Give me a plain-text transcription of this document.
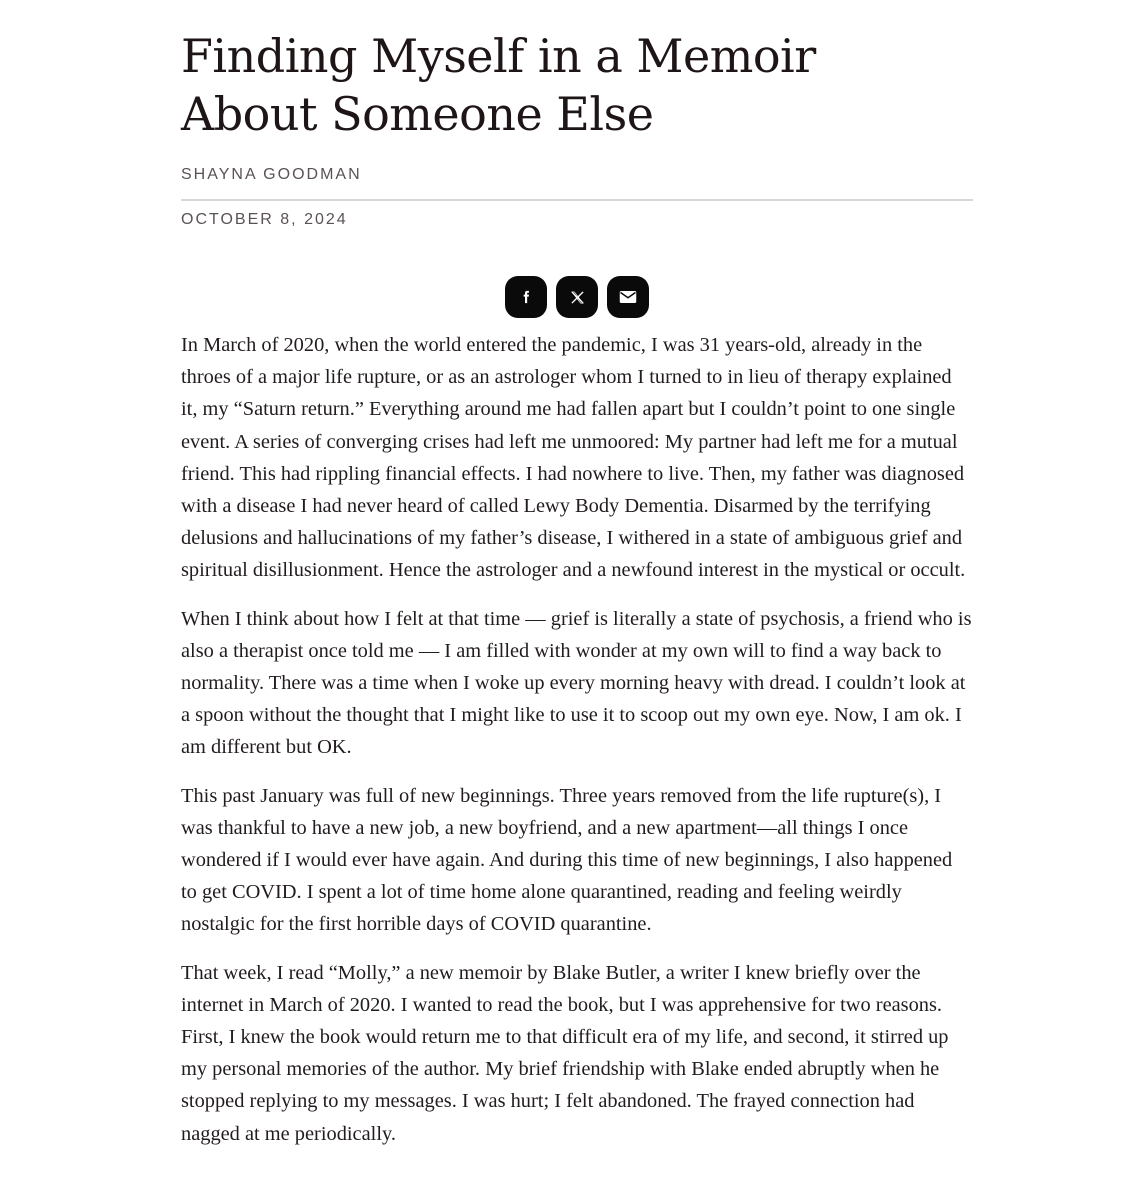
Finding Myself in a Memoir
About Someone Else
SHAYNA GOODMAN
OCTOBER 8, 2024

In March of 2020, when the world entered the pandemic, I was 31 years-old, already in the throes of a major life rupture, or as an astrologer whom I turned to in lieu of therapy explained it, my “Saturn return.” Everything around me had fallen apart but I couldn’t point to one single event. A series of converging crises had left me unmoored: My partner had left me for a mutual friend. This had rippling financial effects. I had nowhere to live. Then, my father was diagnosed with a disease I had never heard of called Lewy Body Dementia. Disarmed by the terrifying delusions and hallucinations of my father’s disease, I withered in a state of ambiguous grief and spiritual disillusionment. Hence the astrologer and a newfound interest in the mystical or occult.

When I think about how I felt at that time — grief is literally a state of psychosis, a friend who is also a therapist once told me — I am filled with wonder at my own will to find a way back to normality. There was a time when I woke up every morning heavy with dread. I couldn’t look at a spoon without the thought that I might like to use it to scoop out my own eye. Now, I am ok. I am different but OK.

This past January was full of new beginnings. Three years removed from the life rupture(s), I was thankful to have a new job, a new boyfriend, and a new apartment—all things I once wondered if I would ever have again. And during this time of new beginnings, I also happened to get COVID. I spent a lot of time home alone quarantined, reading and feeling weirdly nostalgic for the first horrible days of COVID quarantine.

That week, I read “Molly,” a new memoir by Blake Butler, a writer I knew briefly over the internet in March of 2020. I wanted to read the book, but I was apprehensive for two reasons. First, I knew the book would return me to that difficult era of my life, and second, it stirred up my personal memories of the author. My brief friendship with Blake ended abruptly when he stopped replying to my messages. I was hurt; I felt abandoned. The frayed connection had nagged at me periodically.
